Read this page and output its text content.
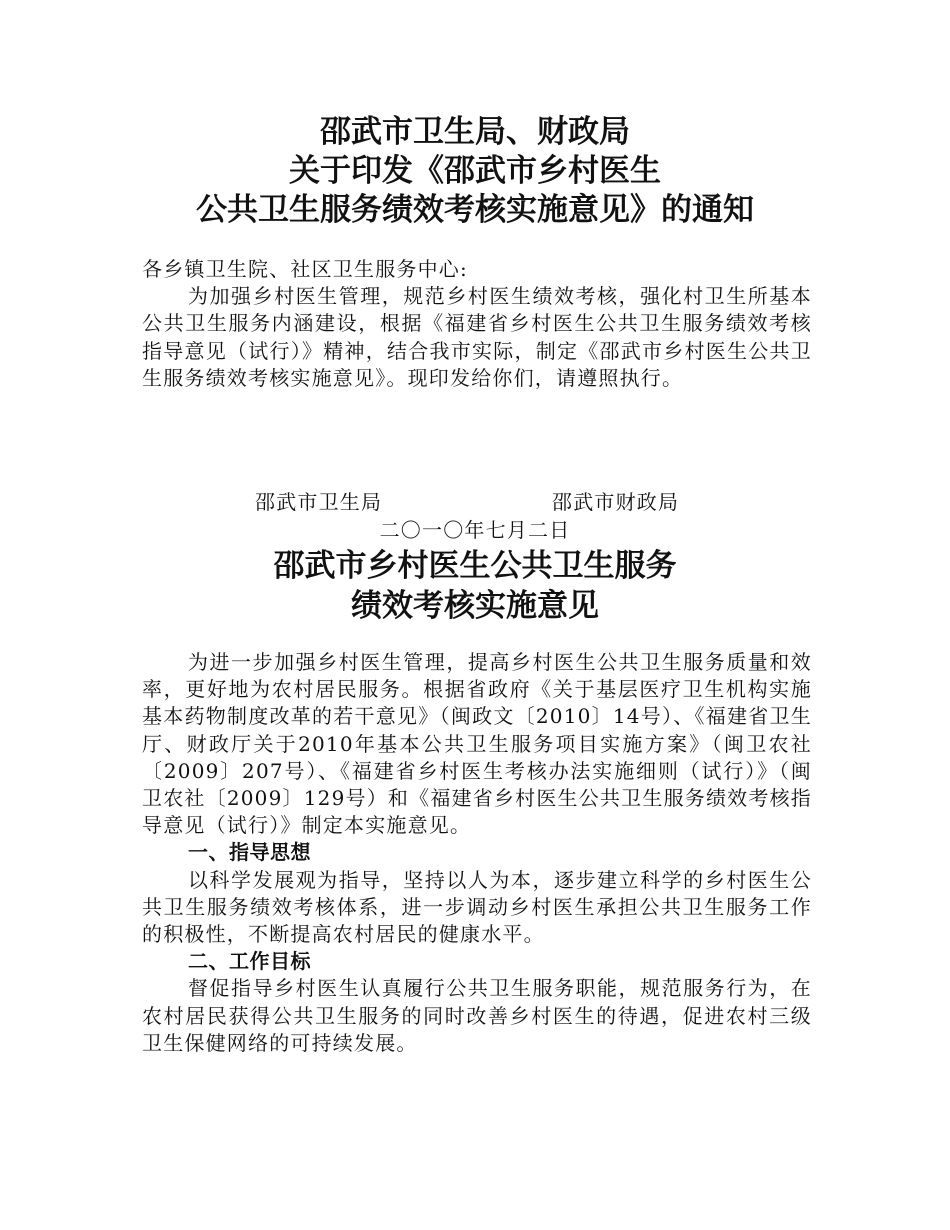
邵武市卫生局、财政局
关于印发《邵武市乡村医生
公共卫生服务绩效考核实施意见》的通知

各乡镇卫生院、社区卫生服务中心:

为加强乡村医生管理，规范乡村医生绩效考核，强化村卫生所基本公共卫生服务内涵建设，根据《福建省乡村医生公共卫生服务绩效考核指导意见（试行）》精神，结合我市实际，制定《邵武市乡村医生公共卫生服务绩效考核实施意见》。现印发给你们，请遵照执行。

邵武市卫生局	邵武市财政局
二〇一〇年七月二日
邵武市乡村医生公共卫生服务
绩效考核实施意见

为进一步加强乡村医生管理，提高乡村医生公共卫生服务质量和效率，更好地为农村居民服务。根据省政府《关于基层医疗卫生机构实施基本药物制度改革的若干意见》（闽政文〔2010〕14号）、《福建省卫生厅、财政厅关于2010年基本公共卫生服务项目实施方案》（闽卫农社〔2009〕207号）、《福建省乡村医生考核办法实施细则（试行）》（闽卫农社〔2009〕129号）和《福建省乡村医生公共卫生服务绩效考核指导意见（试行）》制定本实施意见。

一、指导思想

以科学发展观为指导，坚持以人为本，逐步建立科学的乡村医生公共卫生服务绩效考核体系，进一步调动乡村医生承担公共卫生服务工作的积极性，不断提高农村居民的健康水平。

二、工作目标

督促指导乡村医生认真履行公共卫生服务职能，规范服务行为，在农村居民获得公共卫生服务的同时改善乡村医生的待遇，促进农村三级卫生保健网络的可持续发展。
